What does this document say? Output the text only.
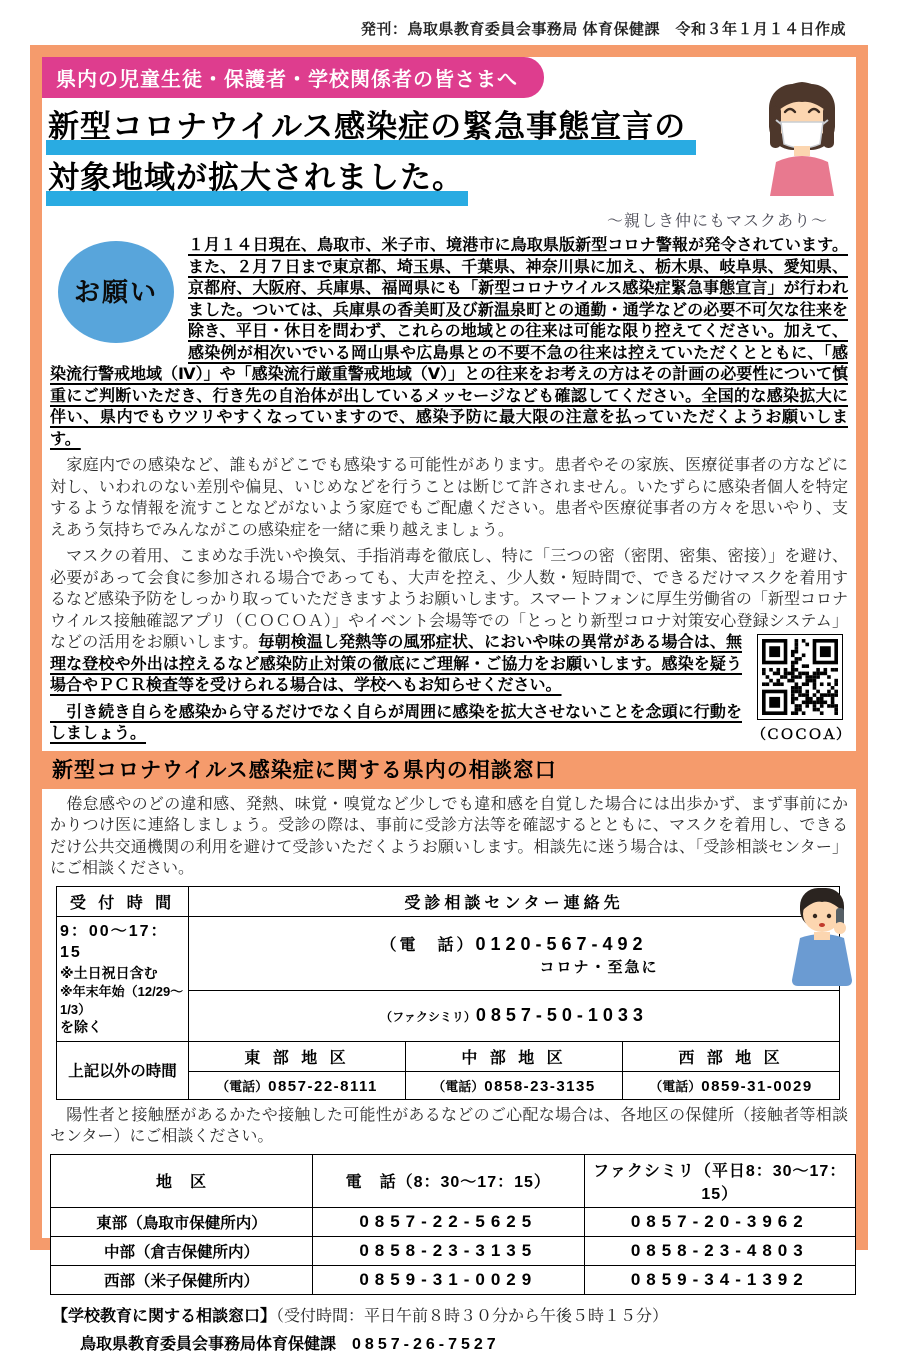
発刊：鳥取県教育委員会事務局 体育保健課　令和３年１月１４日作成
県内の児童生徒・保護者・学校関係者の皆さまへ
新型コロナウイルス感染症の緊急事態宣言の
対象地域が拡大されました。
～親しき仲にもマスクあり～
お願い

１月１４日現在、鳥取市、米子市、境港市に鳥取県版新型コロナ警報が発令されています。また、２月７日まで東京都、埼玉県、千葉県、神奈川県に加え、栃木県、岐阜県、愛知県、京都府、大阪府、兵庫県、福岡県にも「新型コロナウイルス感染症緊急事態宣言」が行われました。ついては、兵庫県の香美町及び新温泉町との通勤・通学などの必要不可欠な往来を除き、平日・休日を問わず、これらの地域との往来は可能な限り控えてください。加えて、感染例が相次いでいる岡山県や広島県との不要不急の往来は控えていただくとともに、「感染流行警戒地域（Ⅳ）」や「感染流行厳重警戒地域（Ⅴ）」との往来をお考えの方はその計画の必要性について慎重にご判断いただき、行き先の自治体が出しているメッセージなども確認してください。全国的な感染拡大に伴い、県内でもウツリやすくなっていますので、感染予防に最大限の注意を払っていただくようお願いします。

　家庭内での感染など、誰もがどこでも感染する可能性があります。患者やその家族、医療従事者の方などに対し、いわれのない差別や偏見、いじめなどを行うことは断じて許されません。いたずらに感染者個人を特定するような情報を流すことなどがないよう家庭でもご配慮ください。患者や医療従事者の方々を思いやり、支えあう気持ちでみんながこの感染症を一緒に乗り越えましょう。

　マスクの着用、こまめな手洗いや換気、手指消毒を徹底し、特に「三つの密（密閉、密集、密接）」を避け、必要があって会食に参加される場合であっても、大声を控え、少人数・短時間で、できるだけマスクを着用するなど感染予防をしっかり取っていただきますようお願いします。スマートフォンに厚生労働省の「新型コロナウイルス接触確認アプリ（ＣＯＣＯＡ）」やイベント会場等での「とっとり新型コロナ対策安心登録システム」などの活用をお願いします。
（ＣＯＣＯＡ）
毎朝検温し発熱等の風邪症状、においや味の異常がある場合は、無理な登校や外出は控えるなど感染防止対策の徹底にご理解・ご協力をお願いします。感染を疑う場合やＰＣＲ検査等を受けられる場合は、学校へもお知らせください。

　引き続き自らを感染から守るだけでなく自らが周囲に感染を拡大させないことを念頭に行動をしましょう。

新型コロナウイルス感染症に関する県内の相談窓口

　倦怠感やのどの違和感、発熱、味覚・嗅覚など少しでも違和感を自覚した場合には出歩かず、まず事前にかかりつけ医に連絡しましょう。受診の際は、事前に受診方法等を確認するとともに、マスクを着用し、できるだけ公共交通機関の利用を避けて受診いただくようお願いします。相談先に迷う場合は、「受診相談センター」にご相談ください。

受 付 時 間	受診相談センター連絡先		

9：00～17：15
※土日祝日含む
※年末年始（12/29～1/3）
を除く

（電　話）0120-567-492
コロナ・至急に

	（ファクシミリ）0857-50-1033		
上記以外の時間	東 部 地 区	中 部 地 区	西 部 地 区
	（電話）0857-22-8111	（電話）0858-23-3135	（電話）0859-31-0029

　陽性者と接触歴があるかたや接触した可能性があるなどのご心配な場合は、各地区の保健所（接触者等相談センター）にご相談ください。

地　区	電　話（8：30～17：15）	ファクシミリ（平日8：30～17：15）
東部（鳥取市保健所内）	0857-22-5625	0857-20-3962
中部（倉吉保健所内）	0858-23-3135	0858-23-4803
西部（米子保健所内）	0859-31-0029	0859-34-1392
【学校教育に関する相談窓口】（受付時間：平日午前８時３０分から午後５時１５分）
鳥取県教育委員会事務局体育保健課　 0857-26-7527
